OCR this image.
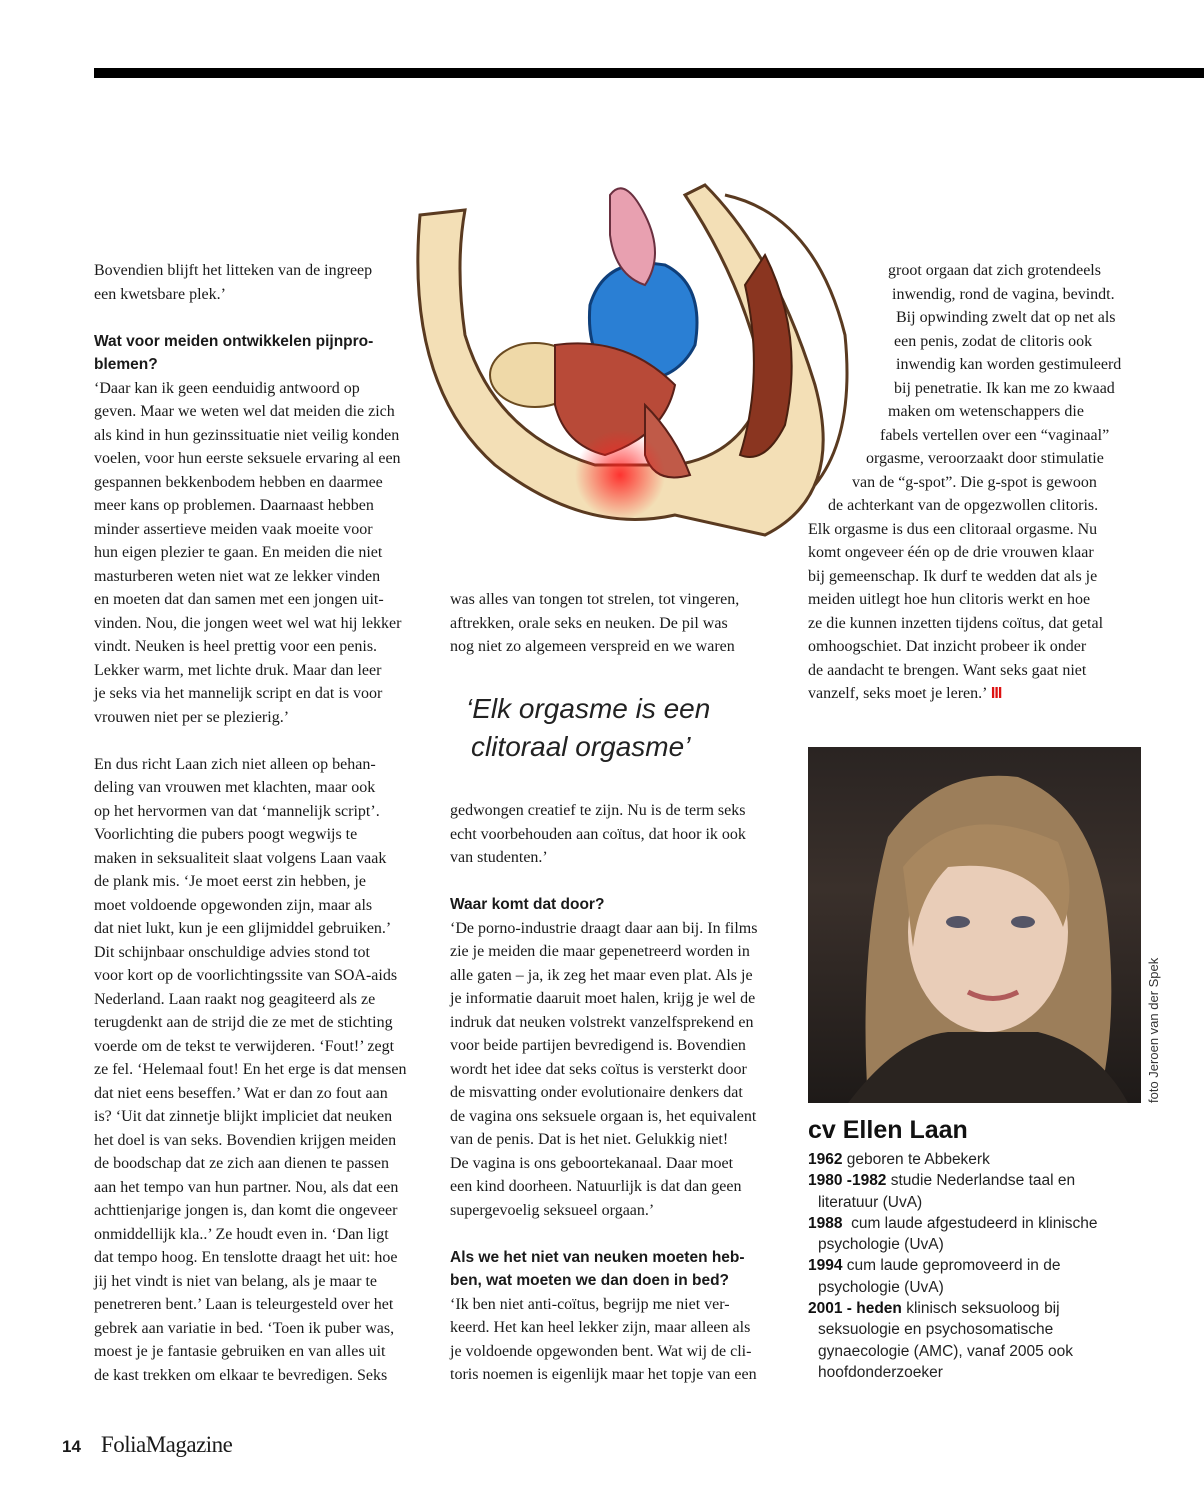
Bovendien blijft het litteken van de ingreep
een kwetsbare plek.’
Wat voor meiden ontwikkelen pijnpro-
blemen?
‘Daar kan ik geen eenduidig antwoord op
geven. Maar we weten wel dat meiden die zich
als kind in hun gezinssituatie niet veilig konden
voelen, voor hun eerste seksuele ervaring al een
gespannen bekkenbodem hebben en daarmee
meer kans op problemen. Daarnaast hebben
minder assertieve meiden vaak moeite voor
hun eigen plezier te gaan. En meiden die niet
masturberen weten niet wat ze lekker vinden
en moeten dat dan samen met een jongen uit-
vinden. Nou, die jongen weet wel wat hij lekker
vindt. Neuken is heel prettig voor een penis.
Lekker warm, met lichte druk. Maar dan leer
je seks via het mannelijk script en dat is voor
vrouwen niet per se plezierig.’
En dus richt Laan zich niet alleen op behan-
deling van vrouwen met klachten, maar ook
op het hervormen van dat ‘mannelijk script’.
Voorlichting die pubers poogt wegwijs te
maken in seksualiteit slaat volgens Laan vaak
de plank mis. ‘Je moet eerst zin hebben, je
moet voldoende opgewonden zijn, maar als
dat niet lukt, kun je een glijmiddel gebruiken.’
Dit schijnbaar onschuldige advies stond tot
voor kort op de voorlichtingssite van SOA-aids
Nederland. Laan raakt nog geagiteerd als ze
terugdenkt aan de strijd die ze met de stichting
voerde om de tekst te verwijderen. ‘Fout!’ zegt
ze fel. ‘Helemaal fout! En het erge is dat mensen
dat niet eens beseffen.’ Wat er dan zo fout aan
is? ‘Uit dat zinnetje blijkt impliciet dat neuken
het doel is van seks. Bovendien krijgen meiden
de boodschap dat ze zich aan dienen te passen
aan het tempo van hun partner. Nou, als dat een
achttienjarige jongen is, dan komt die ongeveer
onmiddellijk kla..’ Ze houdt even in. ‘Dan ligt
dat tempo hoog. En tenslotte draagt het uit: hoe
jij het vindt is niet van belang, als je maar te
penetreren bent.’ Laan is teleurgesteld over het
gebrek aan variatie in bed. ‘Toen ik puber was,
moest je je fantasie gebruiken en van alles uit
de kast trekken om elkaar te bevredigen. Seks
was alles van tongen tot strelen, tot vingeren,
aftrekken, orale seks en neuken. De pil was
nog niet zo algemeen verspreid en we waren
‘Elk orgasme is een
clitoraal orgasme’
gedwongen creatief te zijn. Nu is de term seks
echt voorbehouden aan coïtus, dat hoor ik ook
van studenten.’
Waar komt dat door?
‘De porno-industrie draagt daar aan bij. In films
zie je meiden die maar gepenetreerd worden in
alle gaten – ja, ik zeg het maar even plat. Als je
je informatie daaruit moet halen, krijg je wel de
indruk dat neuken volstrekt vanzelfsprekend en
voor beide partijen bevredigend is. Bovendien
wordt het idee dat seks coïtus is versterkt door
de misvatting onder evolutionaire denkers dat
de vagina ons seksuele orgaan is, het equivalent
van de penis. Dat is het niet. Gelukkig niet!
De vagina is ons geboortekanaal. Daar moet
een kind doorheen. Natuurlijk is dat dan geen
supergevoelig seksueel orgaan.’
Als we het niet van neuken moeten heb-
ben, wat moeten we dan doen in bed?
‘Ik ben niet anti-coïtus, begrijp me niet ver-
keerd. Het kan heel lekker zijn, maar alleen als
je voldoende opgewonden bent. Wat wij de cli-
toris noemen is eigenlijk maar het topje van een
groot orgaan dat zich grotendeels
inwendig, rond de vagina, bevindt.
Bij opwinding zwelt dat op net als
een penis, zodat de clitoris ook
inwendig kan worden gestimuleerd
bij penetratie. Ik kan me zo kwaad
maken om wetenschappers die
fabels vertellen over een “vaginaal”
orgasme, veroorzaakt door stimulatie
van de “g-spot”. Die g-spot is gewoon
de achterkant van de opgezwollen clitoris.
Elk orgasme is dus een clitoraal orgasme. Nu
komt ongeveer één op de drie vrouwen klaar
bij gemeenschap. Ik durf te wedden dat als je
meiden uitlegt hoe hun clitoris werkt en hoe
ze die kunnen inzetten tijdens coïtus, dat getal
omhoogschiet. Dat inzicht probeer ik onder
de aandacht te brengen. Want seks gaat niet
vanzelf, seks moet je leren.’ III
foto Jeroen van der Spek
cv Ellen Laan
1962 geboren te Abbekerk
1980 -1982 studie Nederlandse taal en literatuur (UvA)
1988  cum laude afgestudeerd in klinische psychologie (UvA)
1994 cum laude gepromoveerd in de psychologie (UvA)
2001 - heden klinisch seksuoloog bij seksuologie en psychosomatische gynaecologie (AMC), vanaf 2005 ook hoofdonderzoeker
14 FoliaMagazine
